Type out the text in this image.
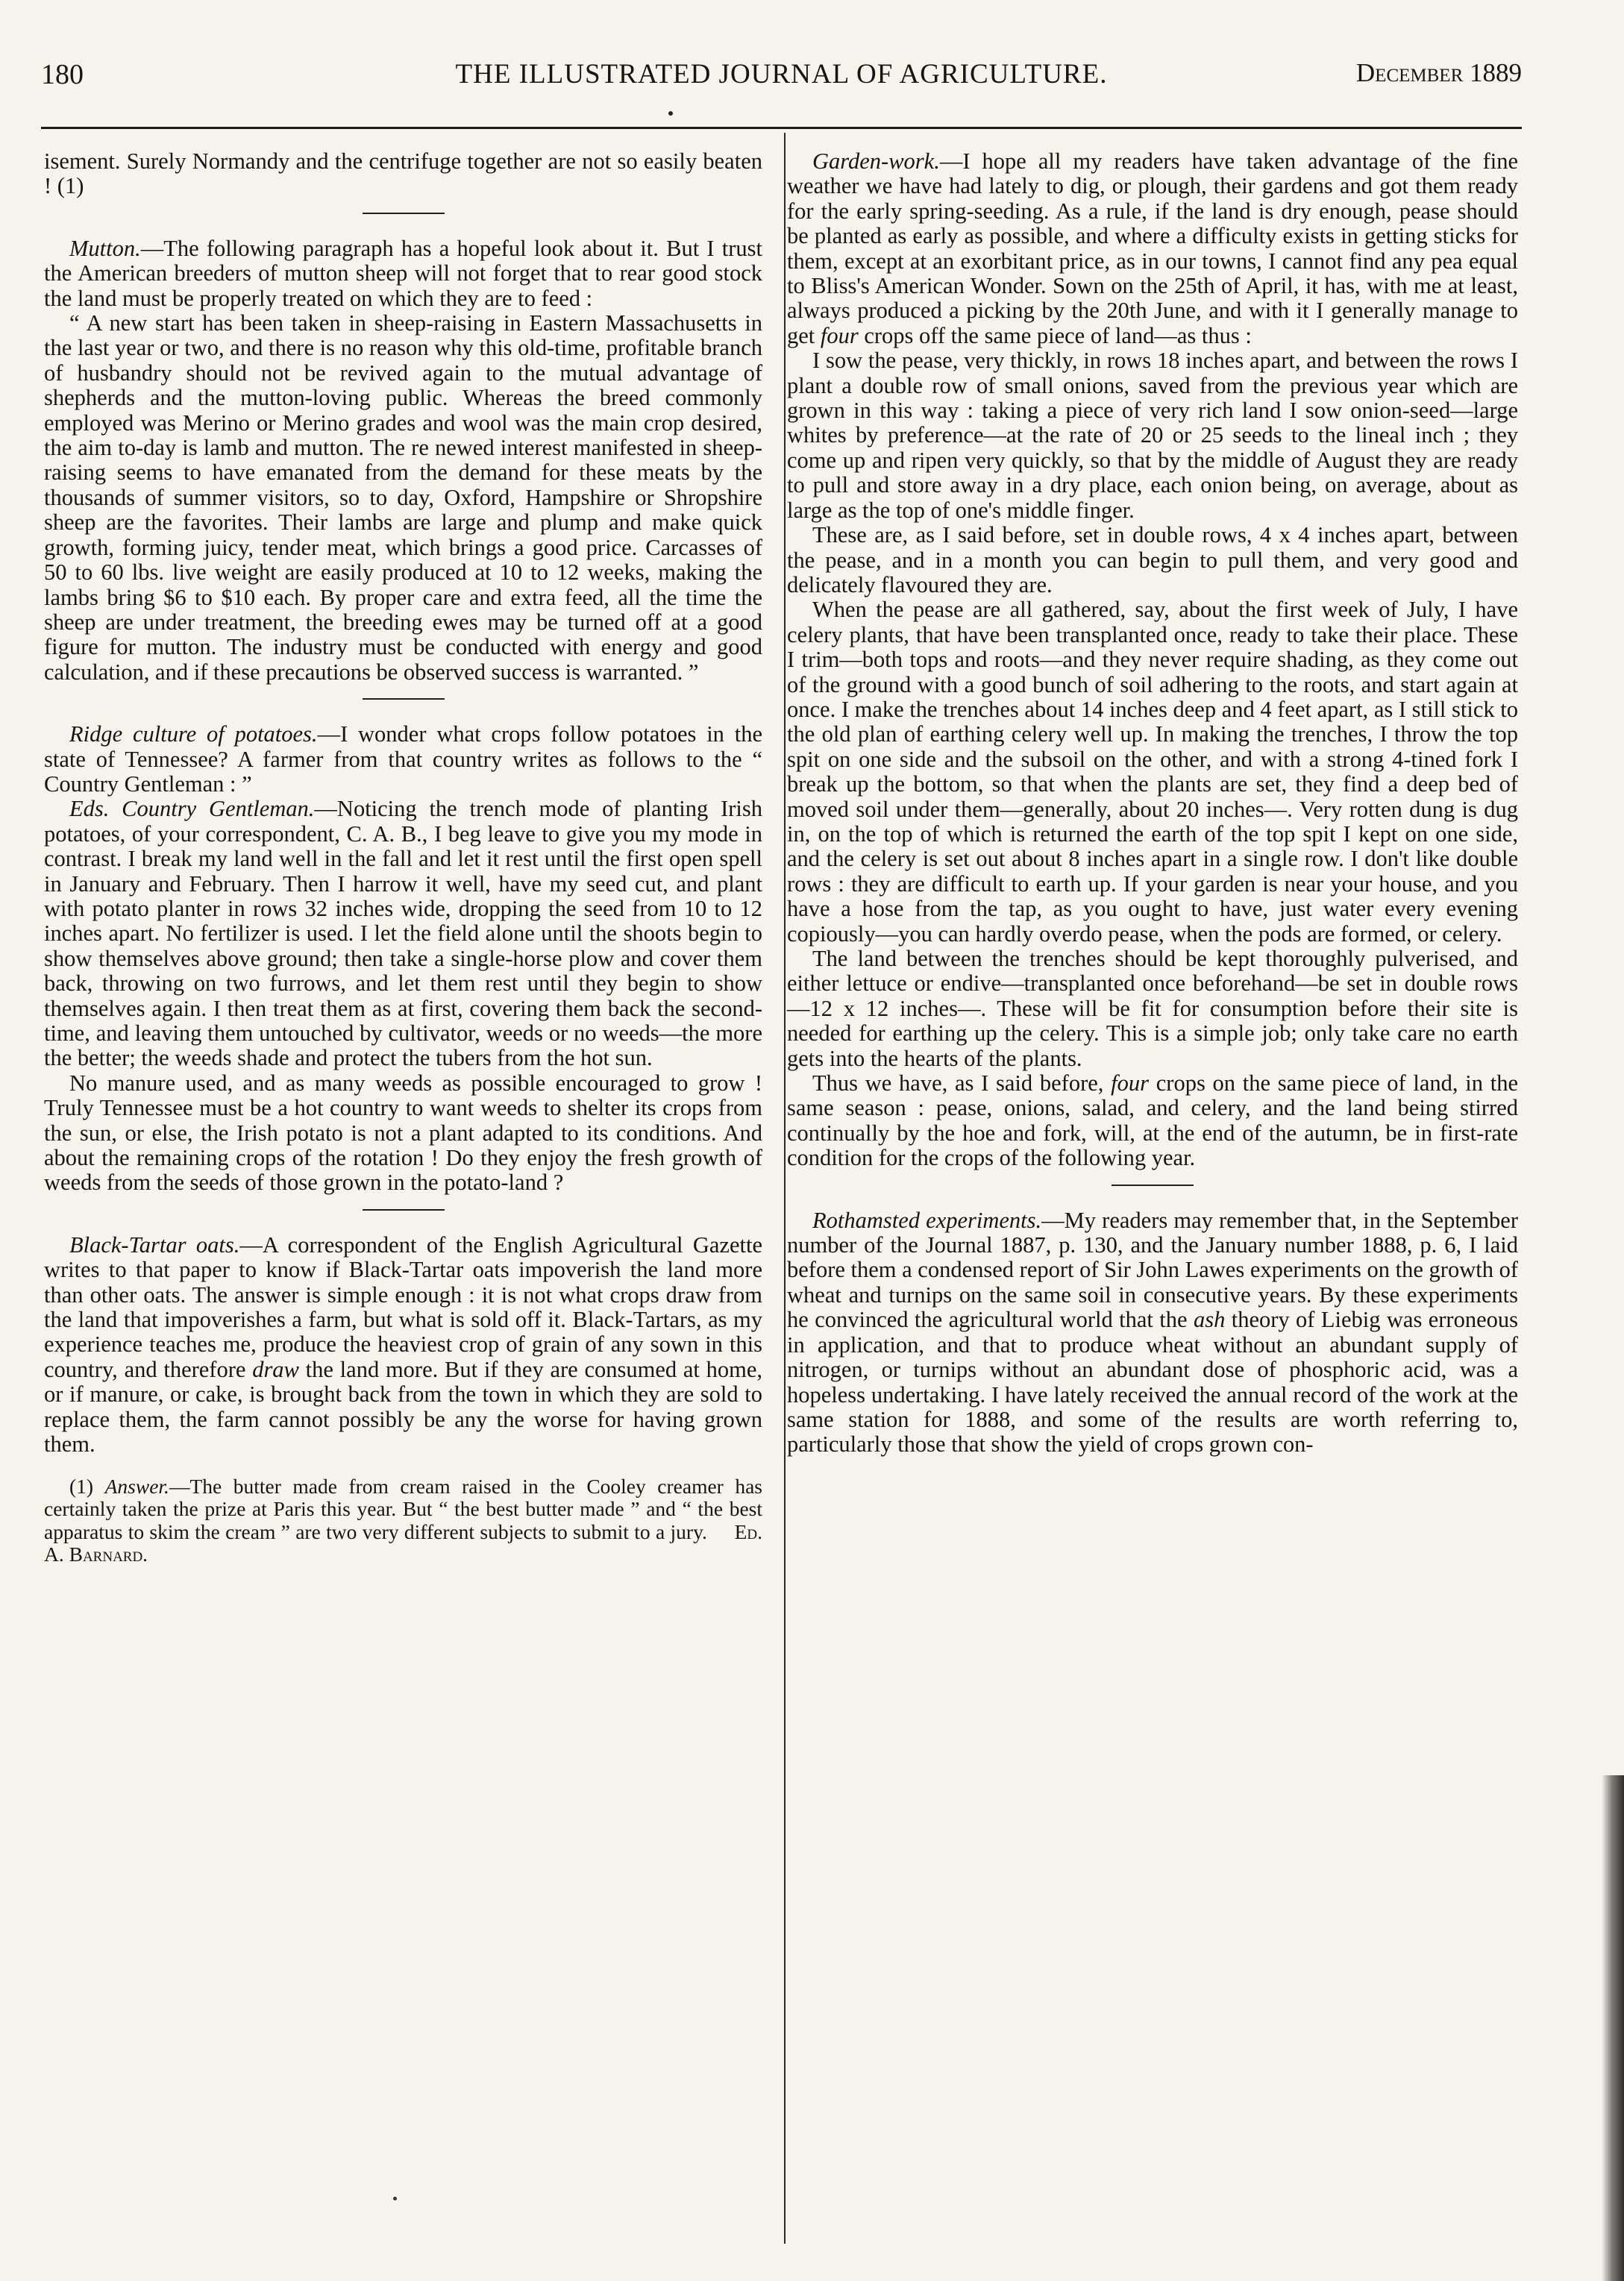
180	THE ILLUSTRATED JOURNAL OF AGRICULTURE.	December 1889

isement. Surely Normandy and the centrifuge together are not so easily beaten ! (1)

Mutton.—The following paragraph has a hopeful look about it. But I trust the American breeders of mutton sheep will not forget that to rear good stock the land must be properly treated on which they are to feed :

“ A new start has been taken in sheep-raising in Eastern Massachusetts in the last year or two, and there is no reason why this old-time, profitable branch of husbandry should not be revived again to the mutual advantage of shepherds and the mutton-loving public. Whereas the breed commonly employed was Merino or Merino grades and wool was the main crop desired, the aim to-day is lamb and mutton. The re newed interest manifested in sheep-raising seems to have emanated from the demand for these meats by the thousands of summer visitors, so to day, Oxford, Hampshire or Shropshire sheep are the favorites. Their lambs are large and plump and make quick growth, forming juicy, tender meat, which brings a good price. Carcasses of 50 to 60 lbs. live weight are easily produced at 10 to 12 weeks, making the lambs bring $6 to $10 each. By proper care and extra feed, all the time the sheep are under treatment, the breeding ewes may be turned off at a good figure for mutton. The industry must be conducted with energy and good calculation, and if these precautions be observed success is warranted. ”

Ridge culture of potatoes.—I wonder what crops follow potatoes in the state of Tennessee? A farmer from that country writes as follows to the “ Country Gentleman : ”

Eds. Country Gentleman.—Noticing the trench mode of planting Irish potatoes, of your correspondent, C. A. B., I beg leave to give you my mode in contrast. I break my land well in the fall and let it rest until the first open spell in January and February. Then I harrow it well, have my seed cut, and plant with potato planter in rows 32 inches wide, dropping the seed from 10 to 12 inches apart. No fertilizer is used. I let the field alone until the shoots begin to show themselves above ground; then take a single-horse plow and cover them back, throwing on two furrows, and let them rest until they begin to show themselves again. I then treat them as at first, covering them back the second-time, and leaving them untouched by cultivator, weeds or no weeds—the more the better; the weeds shade and protect the tubers from the hot sun.

No manure used, and as many weeds as possible encouraged to grow ! Truly Tennessee must be a hot country to want weeds to shelter its crops from the sun, or else, the Irish potato is not a plant adapted to its conditions. And about the remaining crops of the rotation ! Do they enjoy the fresh growth of weeds from the seeds of those grown in the potato-land ?

Black-Tartar oats.—A correspondent of the English Agricultural Gazette writes to that paper to know if Black-Tartar oats impoverish the land more than other oats. The answer is simple enough : it is not what crops draw from the land that impoverishes a farm, but what is sold off it. Black-Tartars, as my experience teaches me, produce the heaviest crop of grain of any sown in this country, and therefore draw the land more. But if they are consumed at home, or if manure, or cake, is brought back from the town in which they are sold to replace them, the farm cannot possibly be any the worse for having grown them.

(1) Answer.—The butter made from cream raised in the Cooley creamer has certainly taken the prize at Paris this year. But “ the best butter made ” and “ the best apparatus to skim the cream ” are two very different subjects to submit to a jury. Ed. A. Barnard.

Garden-work.—I hope all my readers have taken advantage of the fine weather we have had lately to dig, or plough, their gardens and got them ready for the early spring-seeding. As a rule, if the land is dry enough, pease should be planted as early as possible, and where a difficulty exists in getting sticks for them, except at an exorbitant price, as in our towns, I cannot find any pea equal to Bliss's American Wonder. Sown on the 25th of April, it has, with me at least, always produced a picking by the 20th June, and with it I generally manage to get four crops off the same piece of land—as thus :

I sow the pease, very thickly, in rows 18 inches apart, and between the rows I plant a double row of small onions, saved from the previous year which are grown in this way : taking a piece of very rich land I sow onion-seed—large whites by preference—at the rate of 20 or 25 seeds to the lineal inch ; they come up and ripen very quickly, so that by the middle of August they are ready to pull and store away in a dry place, each onion being, on average, about as large as the top of one's middle finger.

These are, as I said before, set in double rows, 4 x 4 inches apart, between the pease, and in a month you can begin to pull them, and very good and delicately flavoured they are.

When the pease are all gathered, say, about the first week of July, I have celery plants, that have been transplanted once, ready to take their place. These I trim—both tops and roots—and they never require shading, as they come out of the ground with a good bunch of soil adhering to the roots, and start again at once. I make the trenches about 14 inches deep and 4 feet apart, as I still stick to the old plan of earthing celery well up. In making the trenches, I throw the top spit on one side and the subsoil on the other, and with a strong 4-tined fork I break up the bottom, so that when the plants are set, they find a deep bed of moved soil under them—generally, about 20 inches—. Very rotten dung is dug in, on the top of which is returned the earth of the top spit I kept on one side, and the celery is set out about 8 inches apart in a single row. I don't like double rows : they are difficult to earth up. If your garden is near your house, and you have a hose from the tap, as you ought to have, just water every evening copiously—you can hardly overdo pease, when the pods are formed, or celery.

The land between the trenches should be kept thoroughly pulverised, and either lettuce or endive—transplanted once beforehand—be set in double rows—12 x 12 inches—. These will be fit for consumption before their site is needed for earthing up the celery. This is a simple job; only take care no earth gets into the hearts of the plants.

Thus we have, as I said before, four crops on the same piece of land, in the same season : pease, onions, salad, and celery, and the land being stirred continually by the hoe and fork, will, at the end of the autumn, be in first-rate condition for the crops of the following year.

Rothamsted experiments.—My readers may remember that, in the September number of the Journal 1887, p. 130, and the January number 1888, p. 6, I laid before them a condensed report of Sir John Lawes experiments on the growth of wheat and turnips on the same soil in consecutive years. By these experiments he convinced the agricultural world that the ash theory of Liebig was erroneous in application, and that to produce wheat without an abundant supply of nitrogen, or turnips without an abundant dose of phosphoric acid, was a hopeless undertaking. I have lately received the annual record of the work at the same station for 1888, and some of the results are worth referring to, particularly those that show the yield of crops grown con-
